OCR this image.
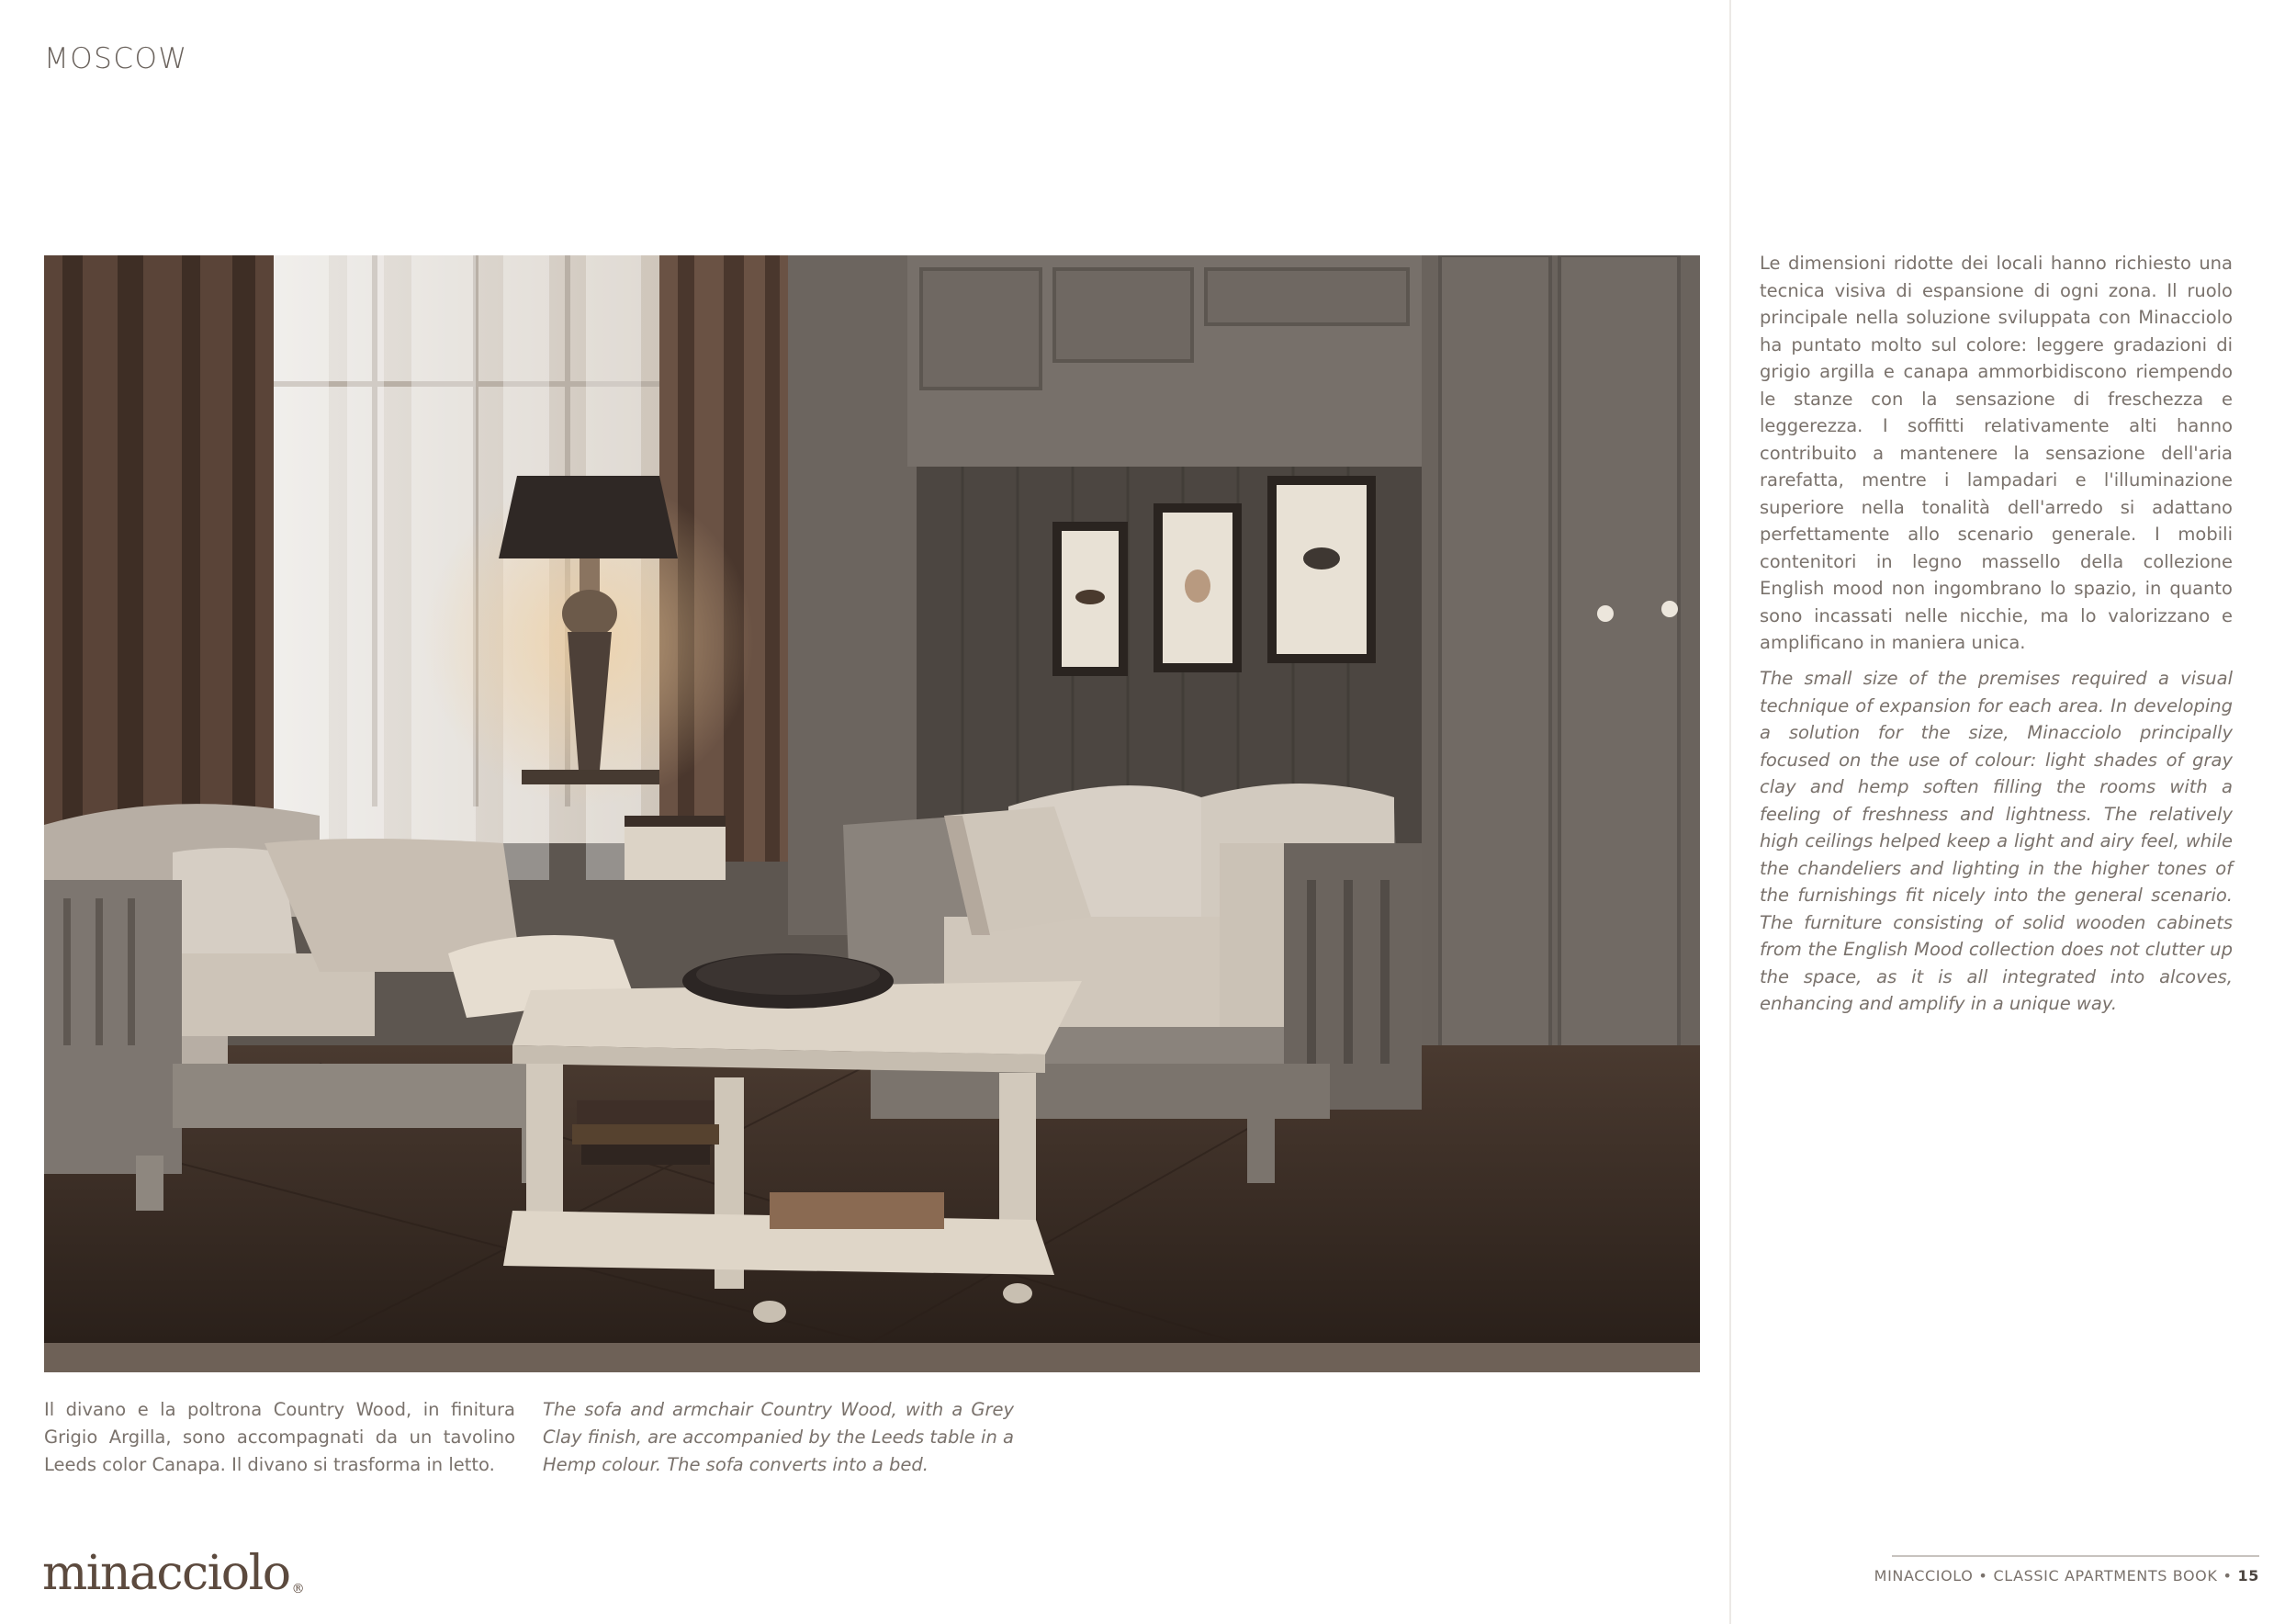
MOSCOW
Il divano e la poltrona Country Wood, in finitura Grigio Argilla, sono accompagnati da un tavolino Leeds color Canapa. Il divano si trasforma in letto.
The sofa and armchair Country Wood, with a Grey Clay finish, are accompanied by the Leeds table in a Hemp colour. The sofa converts into a bed.
Le dimensioni ridotte dei locali hanno richiesto una tecnica visiva di espansione di ogni zona. Il ruolo principale nella soluzione sviluppata con Minacciolo ha puntato molto sul colore: leggere gradazioni di grigio argilla e canapa ammorbidiscono riempendo le stanze con la sensazione di freschezza e leggerezza. I soffitti relativamente alti hanno contribuito a mantenere la sensazione dell'aria rarefatta, mentre i lampadari e l'illuminazione superiore nella tonalità dell'arredo si adattano perfettamente allo scenario generale. I mobili contenitori in legno massello della collezione English mood non ingombrano lo spazio, in quanto sono incassati nelle nicchie, ma lo valorizzano e amplificano in maniera unica.
The small size of the premises required a visual technique of expansion for each area. In developing a solution for the size, Minacciolo principally focused on the use of colour: light shades of gray clay and hemp soften filling the rooms with a feeling of freshness and lightness. The relatively high ceilings helped keep a light and airy feel, while the chandeliers and lighting in the higher tones of the furnishings fit nicely into the general scenario. The furniture consisting of solid wooden cabinets from the English Mood collection does not clutter up the space, as it is all integrated into alcoves, enhancing and amplify in a unique way.
minacciolo ®
MINACCIOLO • CLASSIC APARTMENTS BOOK • 15
